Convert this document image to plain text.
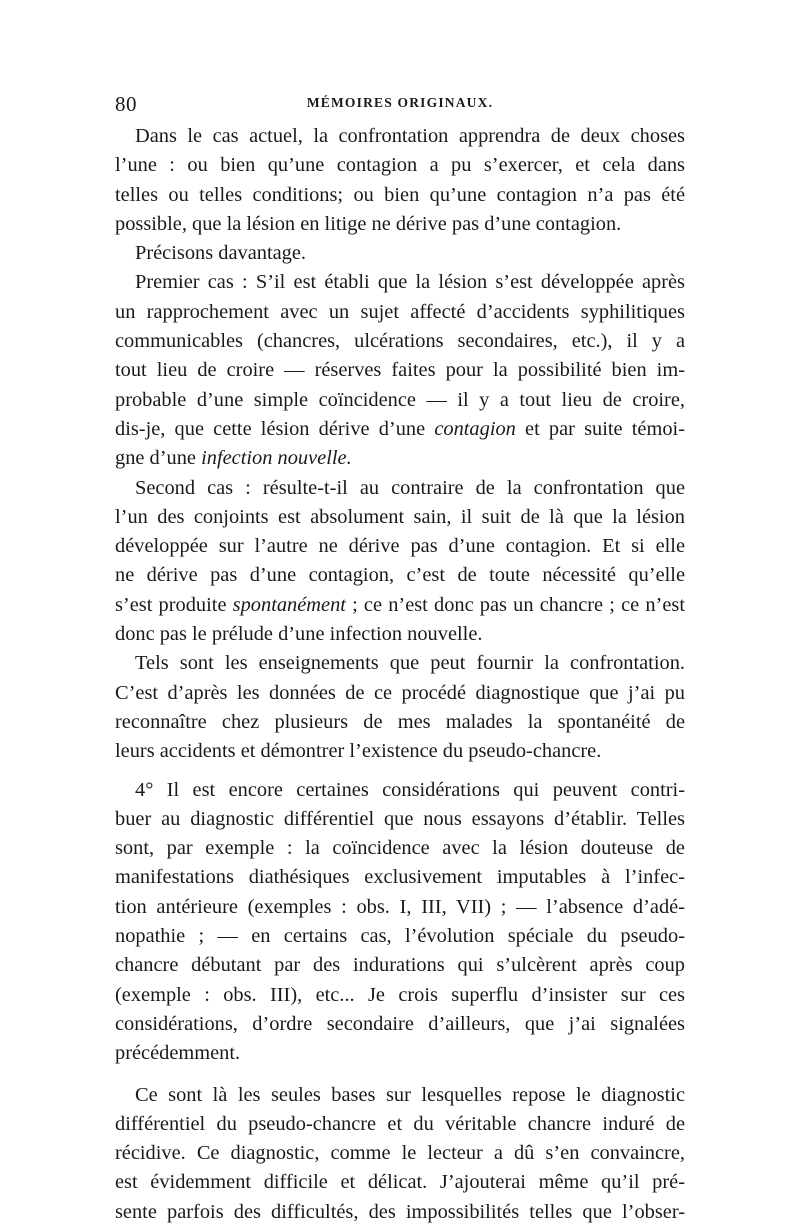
80	MÉMOIRES ORIGINAUX.

Dans le cas actuel, la confrontation apprendra de deux choses
l’une : ou bien qu’une contagion a pu s’exercer, et cela dans
telles ou telles conditions; ou bien qu’une contagion n’a pas été
possible, que la lésion en litige ne dérive pas d’une contagion.

Précisons davantage.

Premier cas : S’il est établi que la lésion s’est développée après
un rapprochement avec un sujet affecté d’accidents syphilitiques
communicables (chancres, ulcérations secondaires, etc.), il y a
tout lieu de croire — réserves faites pour la possibilité bien im-
probable d’une simple coïncidence — il y a tout lieu de croire,
dis-je, que cette lésion dérive d’une contagion et par suite témoi-
gne d’une infection nouvelle.

Second cas : résulte-t-il au contraire de la confrontation que
l’un des conjoints est absolument sain, il suit de là que la lésion
développée sur l’autre ne dérive pas d’une contagion. Et si elle
ne dérive pas d’une contagion, c’est de toute nécessité qu’elle
s’est produite spontanément ; ce n’est donc pas un chancre ; ce n’est
donc pas le prélude d’une infection nouvelle.

Tels sont les enseignements que peut fournir la confrontation.
C’est d’après les données de ce procédé diagnostique que j’ai pu
reconnaître chez plusieurs de mes malades la spontanéité de
leurs accidents et démontrer l’existence du pseudo-chancre.

4° Il est encore certaines considérations qui peuvent contri-
buer au diagnostic différentiel que nous essayons d’établir. Telles
sont, par exemple : la coïncidence avec la lésion douteuse de
manifestations diathésiques exclusivement imputables à l’infec-
tion antérieure (exemples : obs. I, III, VII) ; — l’absence d’adé-
nopathie ; — en certains cas, l’évolution spéciale du pseudo-
chancre débutant par des indurations qui s’ulcèrent après coup
(exemple : obs. III), etc... Je crois superflu d’insister sur ces
considérations, d’ordre secondaire d’ailleurs, que j’ai signalées
précédemment.

Ce sont là les seules bases sur lesquelles repose le diagnostic
différentiel du pseudo-chancre et du véritable chancre induré de
récidive. Ce diagnostic, comme le lecteur a dû s’en convaincre,
est évidemment difficile et délicat. J’ajouterai même qu’il pré-
sente parfois des difficultés, des impossibilités telles que l’obser-
